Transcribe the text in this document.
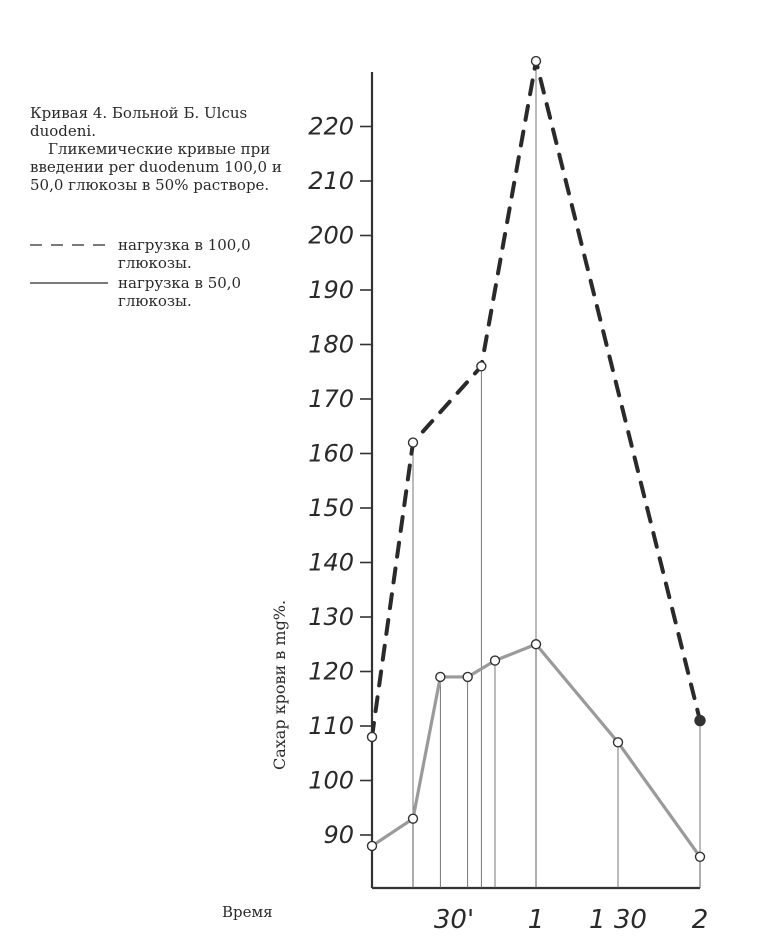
Кривая 4. Больной Б. Ulcus duodeni.

Гликемические кривые при введении per duodenum 100,0 и 50,0 глюкозы в 50% растворе.

нагрузка в 100,0 глюкозы.
нагрузка в 50,0 глюкозы.
90
100
110
120
130
140
150
160
170
180
190
200
210
220
30' 1 1 30 2
Сахар крови в mg%.
Время
